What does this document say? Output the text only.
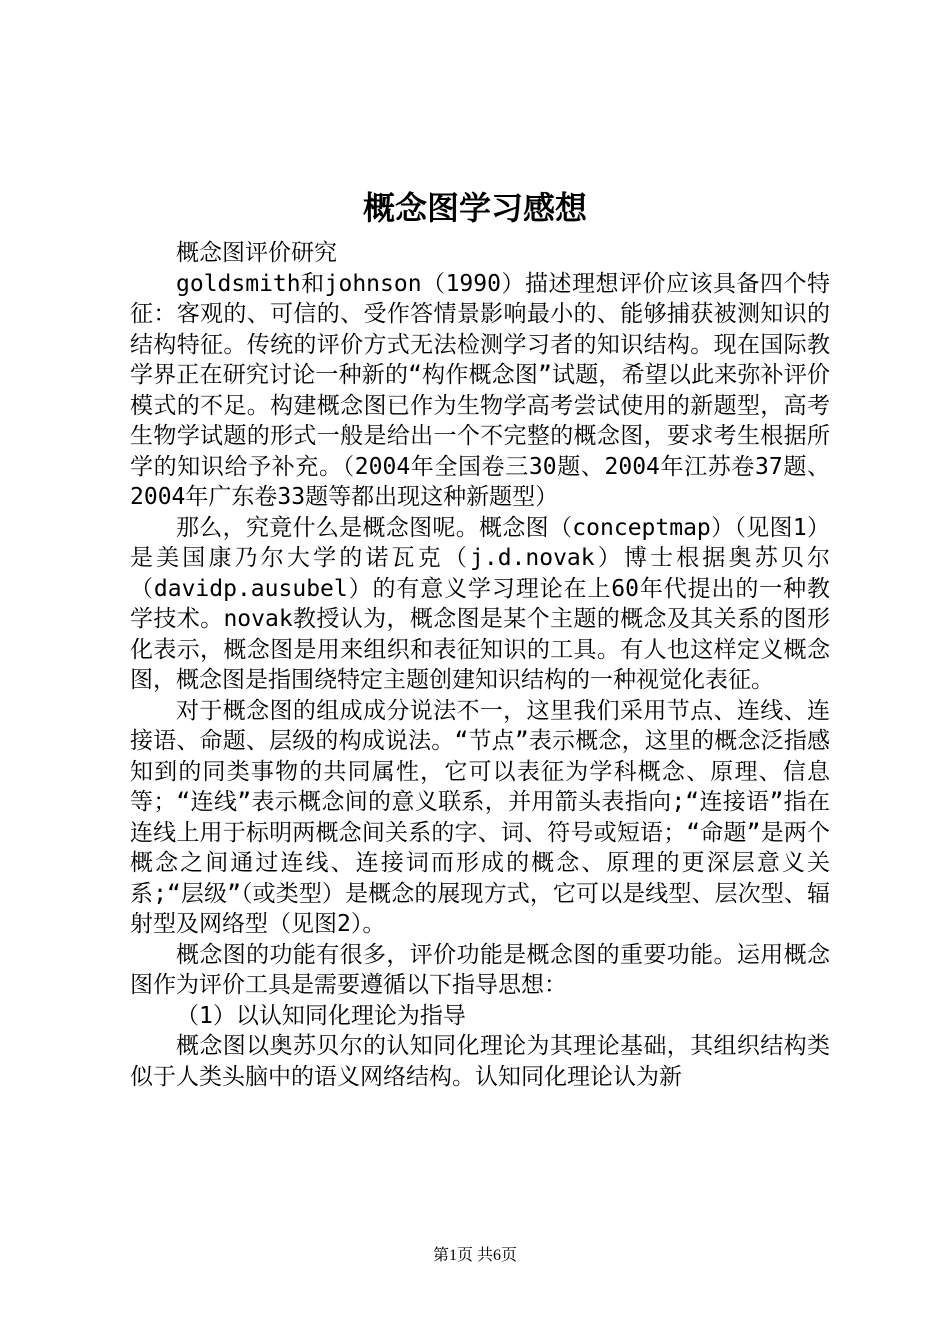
概念图学习感想

概念图评价研究

goldsmith和johnson（1990）描述理想评价应该具备四个特征：客观的、可信的、受作答情景影响最小的、能够捕获被测知识的结构特征。传统的评价方式无法检测学习者的知识结构。现在国际教学界正在研究讨论一种新的“构作概念图”试题，希望以此来弥补评价模式的不足。构建概念图已作为生物学高考尝试使用的新题型，高考生物学试题的形式一般是给出一个不完整的概念图，要求考生根据所学的知识给予补充。（2004年全国卷三30题、2004年江苏卷37题、2004年广东卷33题等都出现这种新题型）

那么，究竟什么是概念图呢。概念图（conceptmap）（见图1）是美国康乃尔大学的诺瓦克（j.d.novak）博士根据奥苏贝尔（davidp.ausubel）的有意义学习理论在上60年代提出的一种教学技术。novak教授认为，概念图是某个主题的概念及其关系的图形化表示，概念图是用来组织和表征知识的工具。有人也这样定义概念图，概念图是指围绕特定主题创建知识结构的一种视觉化表征。

对于概念图的组成成分说法不一，这里我们采用节点、连线、连接语、命题、层级的构成说法。“节点”表示概念，这里的概念泛指感知到的同类事物的共同属性，它可以表征为学科概念、原理、信息等；“连线”表示概念间的意义联系，并用箭头表指向;“连接语”指在连线上用于标明两概念间关系的字、词、符号或短语；“命题”是两个概念之间通过连线、连接词而形成的概念、原理的更深层意义关系;“层级”（或类型）是概念的展现方式，它可以是线型、层次型、辐射型及网络型（见图2）。

概念图的功能有很多，评价功能是概念图的重要功能。运用概念图作为评价工具是需要遵循以下指导思想：

（1）以认知同化理论为指导

概念图以奥苏贝尔的认知同化理论为其理论基础，其组织结构类似于人类头脑中的语义网络结构。认知同化理论认为新

第1页 共6页
